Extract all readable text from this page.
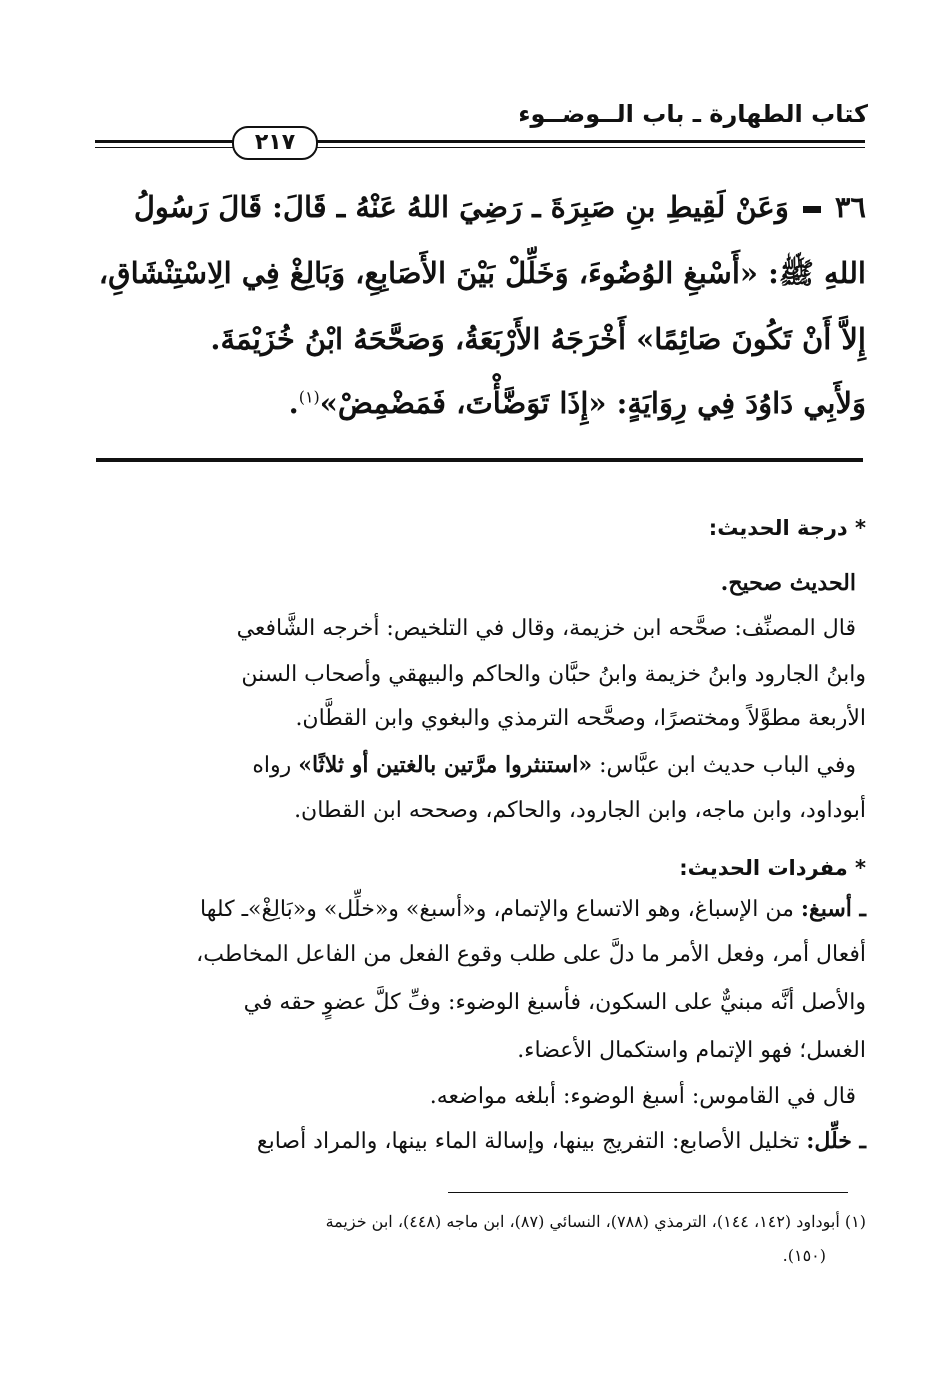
كتاب الطهارة ـ باب الــوضــوء
٢١٧
٣٦وَعَنْ لَقِيطِ بنِ صَبِرَةَ ـ رَضِيَ اللهُ عَنْهُ ـ قَالَ: قَالَ رَسُولُ
اللهِ ﷺ: «أَسْبغِ الوُضُوءَ، وَخَلِّلْ بَيْنَ الأَصَابِعِ، وَبَالِغْ فِي الِاسْتِنْشَاقِ،
إِلاَّ أَنْ تَكُونَ صَائِمًا» أَخْرَجَهُ الأَرْبَعَةُ، وَصَحَّحَهُ ابْنُ خُزَيْمَةَ.
وَلأَبِي دَاوُدَ فِي رِوَايَةٍ: «إِذَا تَوَضَّأْتَ، فَمَضْمِضْ»$^{(١)}$.
* درجة الحديث:
الحديث صحيح.
قال المصنِّف: صحَّحه ابن خزيمة، وقال في التلخيص: أخرجه الشَّافعي
وابنُ الجارود وابنُ خزيمة وابنُ حبَّان والحاكم والبيهقي وأصحاب السنن
الأربعة مطوَّلاً ومختصرًا، وصحَّحه الترمذي والبغوي وابن القطَّان.
وفي الباب حديث ابن عبَّاس: «استنثروا مرَّتين بالغتين أو ثلاثًا» رواه
أبوداود، وابن ماجه، وابن الجارود، والحاكم، وصححه ابن القطان.
* مفردات الحديث:
ـ أسبغ: من الإسباغ، وهو الاتساع والإتمام، و«أسبغ» و«خلِّل» و«بَالِغْ»ـ كلها
أفعال أمر، وفعل الأمر ما دلَّ على طلب وقوع الفعل من الفاعل المخاطب،
والأصل أنَّه مبنيٌّ على السكون، فأسبغ الوضوء: وفِّ كلَّ عضوٍ حقه في
الغسل؛ فهو الإتمام واستكمال الأعضاء.
قال في القاموس: أسبغ الوضوء: أبلغه مواضعه.
ـ خلِّل: تخليل الأصابع: التفريج بينها، وإسالة الماء بينها، والمراد أصابع
(١) أبوداود (١٤٢، ١٤٤)، الترمذي (٧٨٨)، النسائي (٨٧)، ابن ماجه (٤٤٨)، ابن خزيمة
(١٥٠).
